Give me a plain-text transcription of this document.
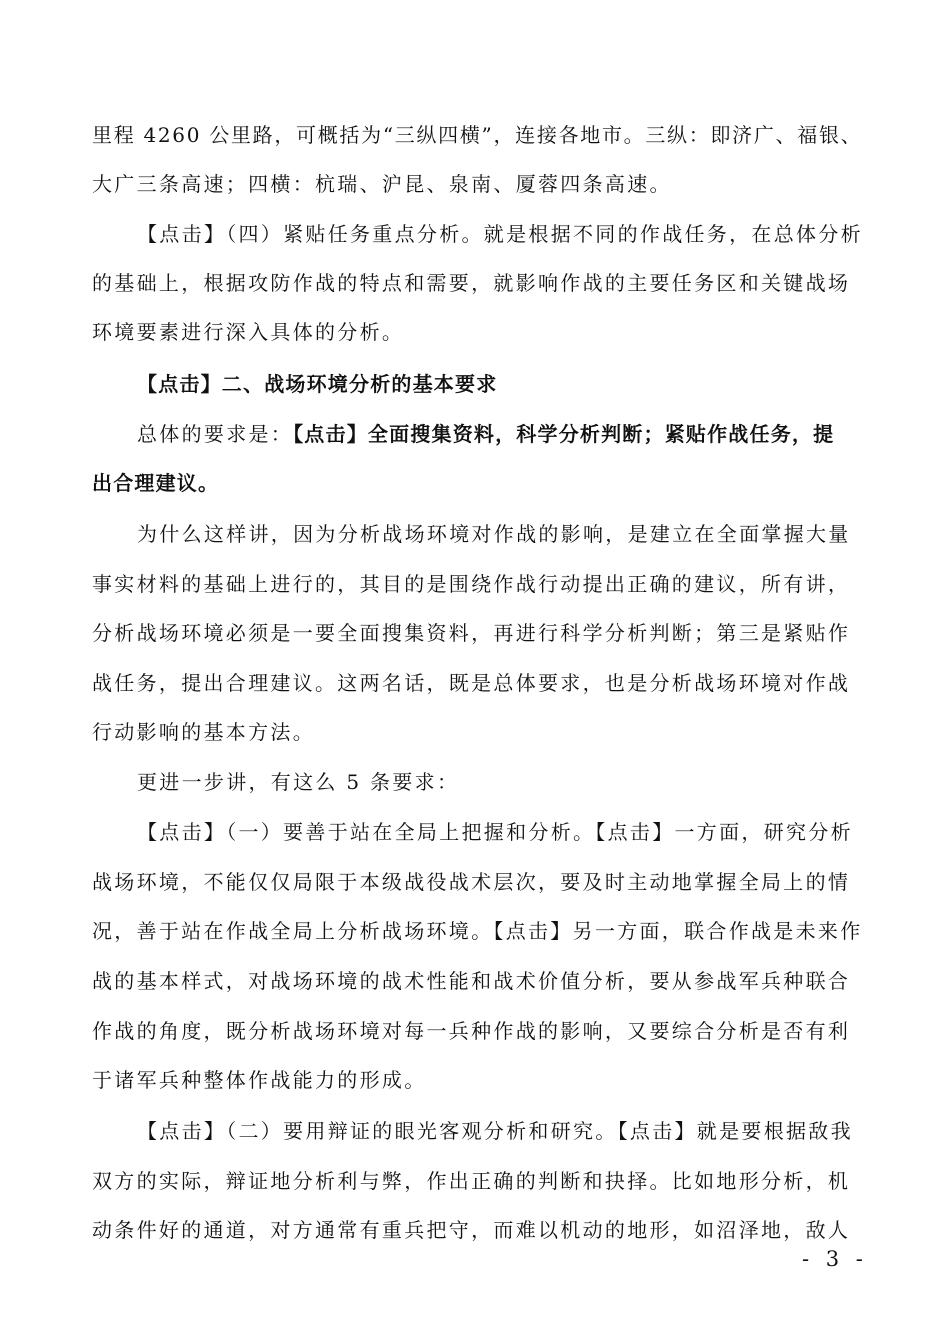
里程 4260 公里路，可概括为“三纵四横”，连接各地市。三纵：即济广、福银、
大广三条高速；四横：杭瑞、沪昆、泉南、厦蓉四条高速。
【点击】（四）紧贴任务重点分析。就是根据不同的作战任务，在总体分析
的基础上，根据攻防作战的特点和需要，就影响作战的主要任务区和关键战场
环境要素进行深入具体的分析。
【点击】二、战场环境分析的基本要求
总体的要求是：【点击】全面搜集资料，科学分析判断；紧贴作战任务，提
出合理建议。
为什么这样讲，因为分析战场环境对作战的影响，是建立在全面掌握大量
事实材料的基础上进行的，其目的是围绕作战行动提出正确的建议，所有讲，
分析战场环境必须是一要全面搜集资料，再进行科学分析判断；第三是紧贴作
战任务，提出合理建议。这两名话，既是总体要求，也是分析战场环境对作战
行动影响的基本方法。
更进一步讲，有这么 5 条要求：
【点击】（一）要善于站在全局上把握和分析。【点击】一方面，研究分析
战场环境，不能仅仅局限于本级战役战术层次，要及时主动地掌握全局上的情
况，善于站在作战全局上分析战场环境。【点击】另一方面，联合作战是未来作
战的基本样式，对战场环境的战术性能和战术价值分析，要从参战军兵种联合
作战的角度，既分析战场环境对每一兵种作战的影响，又要综合分析是否有利
于诸军兵种整体作战能力的形成。
【点击】（二）要用辩证的眼光客观分析和研究。【点击】就是要根据敌我
双方的实际，辩证地分析利与弊，作出正确的判断和抉择。比如地形分析，机
动条件好的通道，对方通常有重兵把守，而难以机动的地形，如沼泽地，敌人
- 3 -
